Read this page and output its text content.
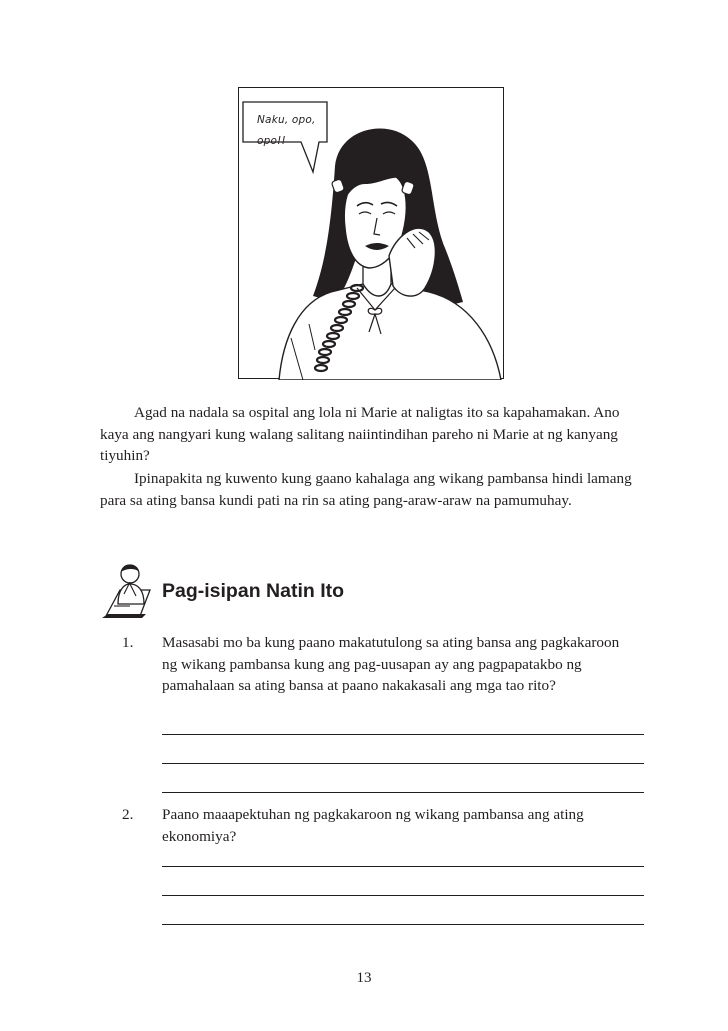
Naku, opo, opo!!

Agad na nadala sa ospital ang lola ni Marie at naligtas ito sa kapahamakan. Ano kaya ang nangyari kung walang salitang naiintindihan pareho ni Marie at ng kanyang tiyuhin?

Ipinapakita ng kuwento kung gaano kahalaga ang wikang pambansa hindi lamang para sa ating bansa kundi pati na rin sa ating pang-araw-araw na pamumuhay.

Pag-isipan Natin Ito
1. Masasabi mo ba kung paano makatutulong sa ating bansa ang pagkakaroon ng wikang pambansa kung ang pag-uusapan ay ang pagpapatakbo ng pamahalaan sa ating bansa at paano nakakasali ang mga tao rito?
2. Paano maaapektuhan ng pagkakaroon ng wikang pambansa ang ating ekonomiya?
13
